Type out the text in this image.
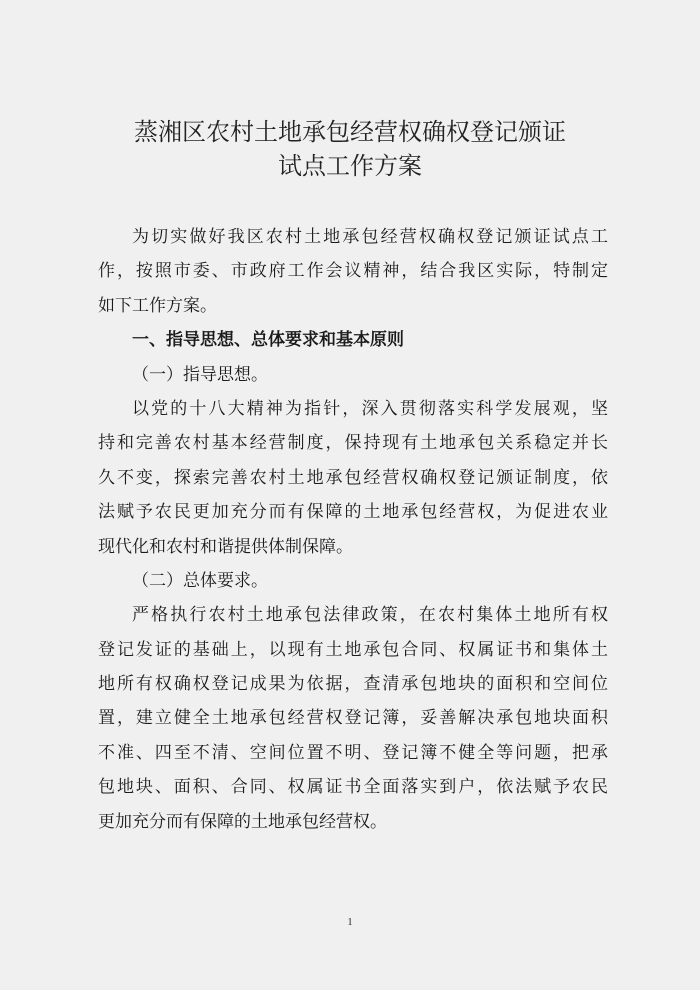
蒸湘区农村土地承包经营权确权登记颁证
试点工作方案
为切实做好我区农村土地承包经营权确权登记颁证试点工
作，按照市委、市政府工作会议精神，结合我区实际，特制定
如下工作方案。
一、指导思想、总体要求和基本原则
（一）指导思想。
以党的十八大精神为指针，深入贯彻落实科学发展观，坚
持和完善农村基本经营制度，保持现有土地承包关系稳定并长
久不变，探索完善农村土地承包经营权确权登记颁证制度，依
法赋予农民更加充分而有保障的土地承包经营权，为促进农业
现代化和农村和谐提供体制保障。
（二）总体要求。
严格执行农村土地承包法律政策，在农村集体土地所有权
登记发证的基础上，以现有土地承包合同、权属证书和集体土
地所有权确权登记成果为依据，查清承包地块的面积和空间位
置，建立健全土地承包经营权登记簿，妥善解决承包地块面积
不准、四至不清、空间位置不明、登记簿不健全等问题，把承
包地块、面积、合同、权属证书全面落实到户，依法赋予农民
更加充分而有保障的土地承包经营权。
1
